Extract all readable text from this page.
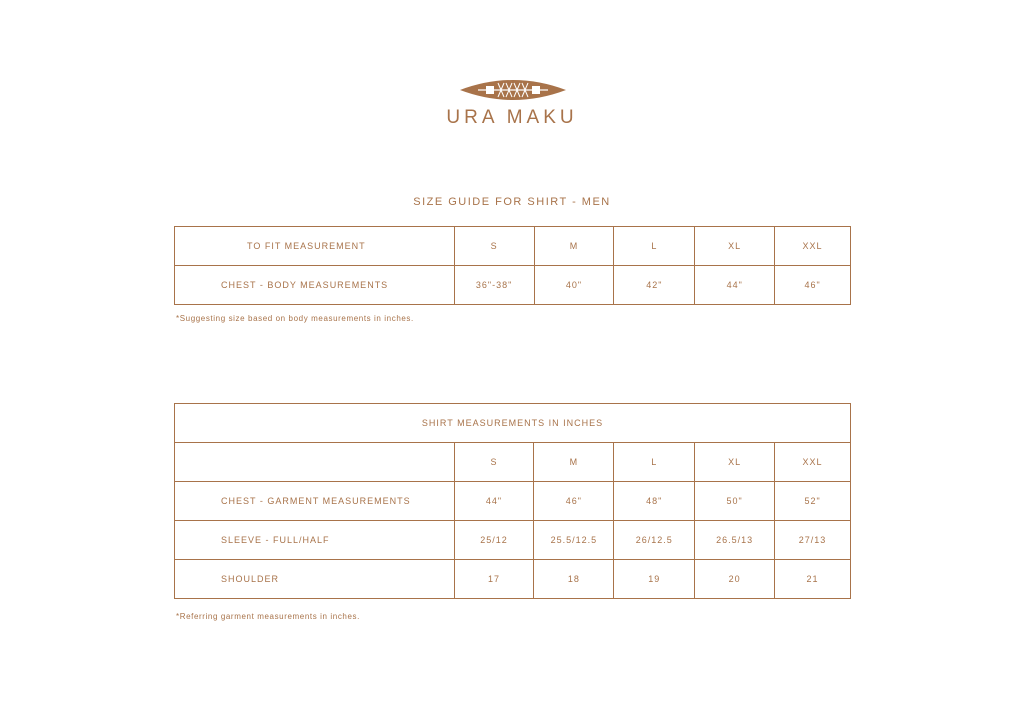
URA MAKU
SIZE GUIDE FOR SHIRT - MEN
TO FIT MEASUREMENT	S	M	L	XL	XXL
CHEST - BODY MEASUREMENTS	36"-38"	40"	42"	44"	46"
*Suggesting size based on body measurements in inches.
SHIRT MEASUREMENTS IN INCHES					
	S	M	L	XL	XXL
CHEST - GARMENT MEASUREMENTS	44"	46"	48"	50"	52"
SLEEVE - FULL/HALF	25/12	25.5/12.5	26/12.5	26.5/13	27/13
SHOULDER	17	18	19	20	21
*Referring garment measurements in inches.
